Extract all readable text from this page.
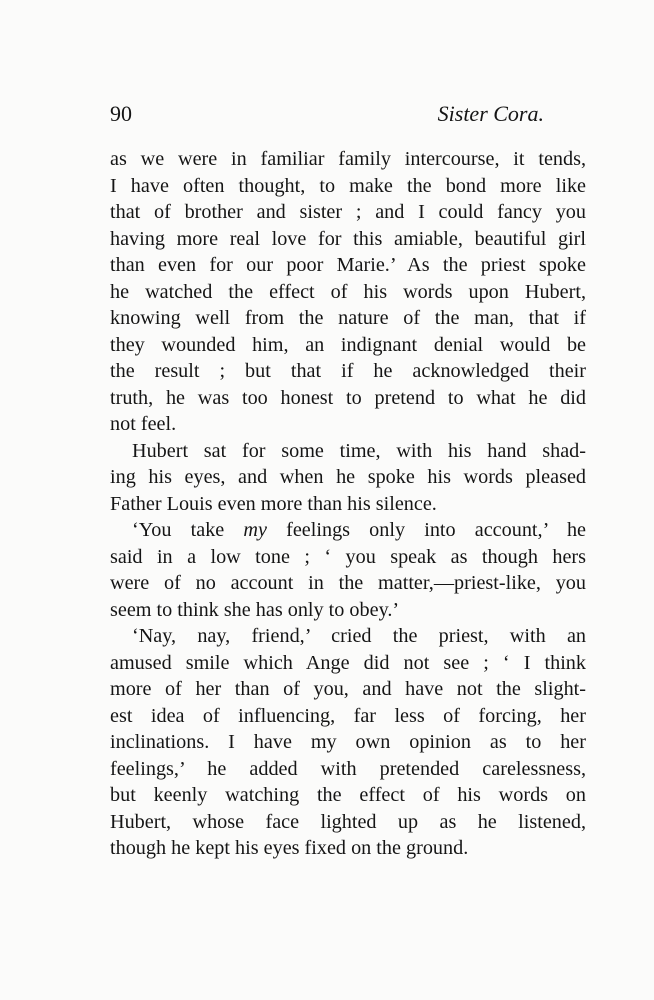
90	Sister Cora.
as we were in familiar family intercourse, it tends,
I have often thought, to make the bond more like
that of brother and sister ; and I could fancy you
having more real love for this amiable, beautiful girl
than even for our poor Marie.’ As the priest spoke
he watched the effect of his words upon Hubert,
knowing well from the nature of the man, that if
they wounded him, an indignant denial would be
the result ; but that if he acknowledged their
truth, he was too honest to pretend to what he did
not feel.
Hubert sat for some time, with his hand shad-
ing his eyes, and when he spoke his words pleased
Father Louis even more than his silence.
‘You take my feelings only into account,’ he
said in a low tone ; ‘ you speak as though hers
were of no account in the matter,—priest-like, you
seem to think she has only to obey.’
‘Nay, nay, friend,’ cried the priest, with an
amused smile which Ange did not see ; ‘ I think
more of her than of you, and have not the slight-
est idea of influencing, far less of forcing, her
inclinations. I have my own opinion as to her
feelings,’ he added with pretended carelessness,
but keenly watching the effect of his words on
Hubert, whose face lighted up as he listened,
though he kept his eyes fixed on the ground.
